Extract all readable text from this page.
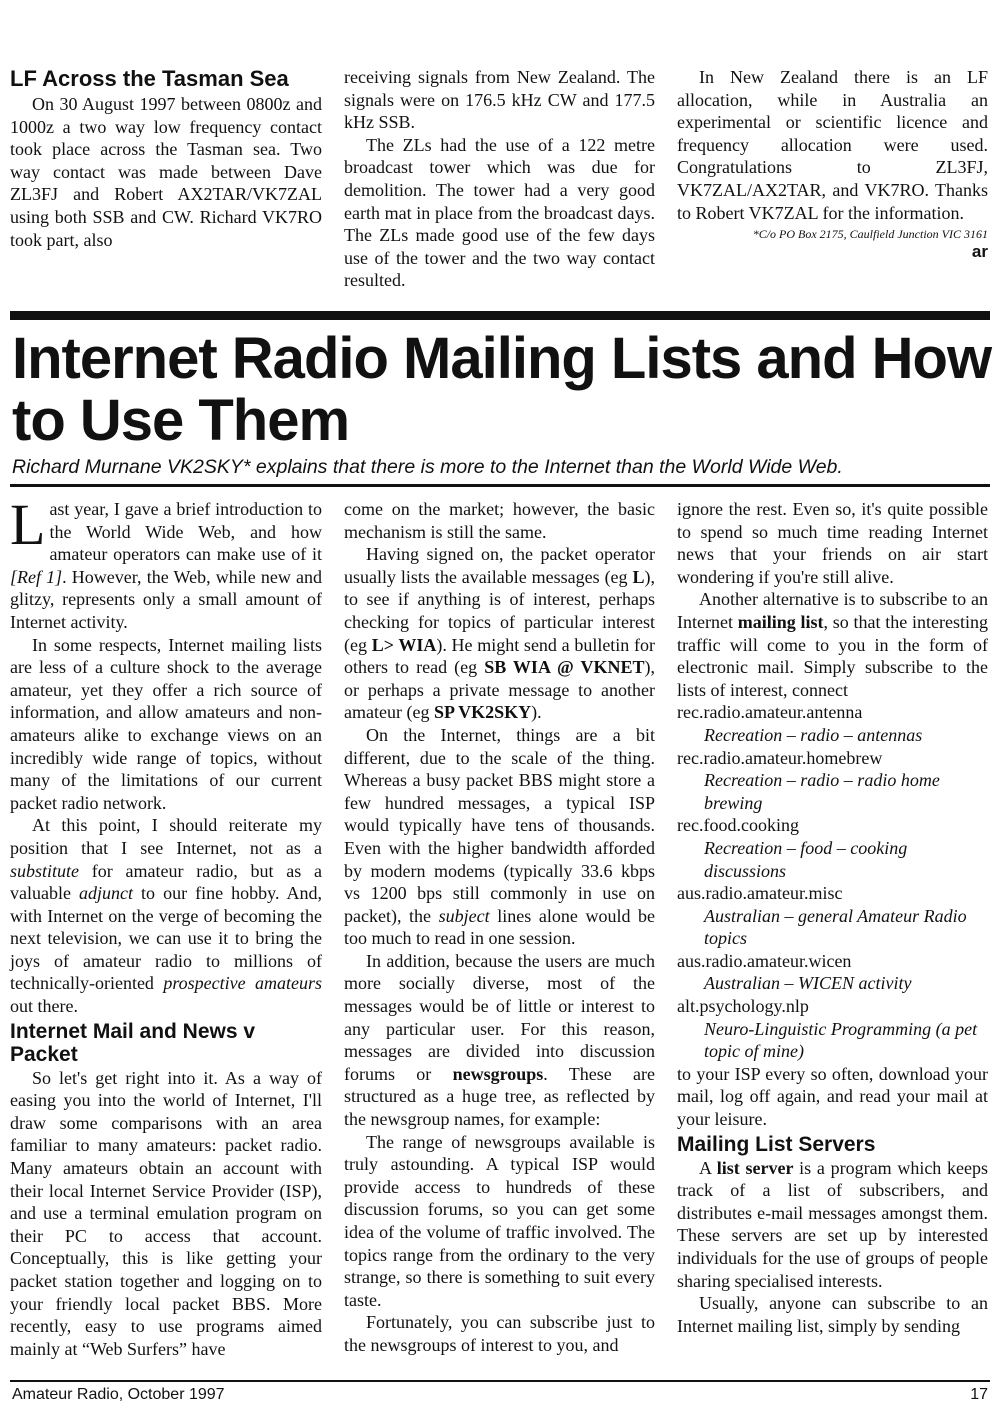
LF Across the Tasman Sea

On 30 August 1997 between 0800z and 1000z a two way low frequency contact took place across the Tasman sea. Two way contact was made between Dave ZL3FJ and Robert AX2TAR/VK7ZAL using both SSB and CW. Richard VK7RO took part, also

receiving signals from New Zealand. The signals were on 176.5 kHz CW and 177.5 kHz SSB.

The ZLs had the use of a 122 metre broadcast tower which was due for demolition. The tower had a very good earth mat in place from the broadcast days. The ZLs made good use of the few days use of the tower and the two way contact resulted.

In New Zealand there is an LF allocation, while in Australia an experimental or scientific licence and frequency allocation were used. Congratulations to ZL3FJ, VK7ZAL/AX2TAR, and VK7RO. Thanks to Robert VK7ZAL for the information.

*C/o PO Box 2175, Caulfield Junction VIC 3161
ar
Internet Radio Mailing Lists and How to Use Them
Richard Murnane VK2SKY* explains that there is more to the Internet than the World Wide Web.

Last year, I gave a brief introduction to the World Wide Web, and how amateur operators can make use of it [Ref 1]. However, the Web, while new and glitzy, represents only a small amount of Internet activity.

In some respects, Internet mailing lists are less of a culture shock to the average amateur, yet they offer a rich source of information, and allow amateurs and non-amateurs alike to exchange views on an incredibly wide range of topics, without many of the limitations of our current packet radio network.

At this point, I should reiterate my position that I see Internet, not as a substitute for amateur radio, but as a valuable adjunct to our fine hobby. And, with Internet on the verge of becoming the next television, we can use it to bring the joys of amateur radio to millions of technically-oriented prospective amateurs out there.

Internet Mail and News v Packet

So let's get right into it. As a way of easing you into the world of Internet, I'll draw some comparisons with an area familiar to many amateurs: packet radio. Many amateurs obtain an account with their local Internet Service Provider (ISP), and use a terminal emulation program on their PC to access that account. Conceptually, this is like getting your packet station together and logging on to your friendly local packet BBS. More recently, easy to use programs aimed mainly at “Web Surfers” have

come on the market; however, the basic mechanism is still the same.

Having signed on, the packet operator usually lists the available messages (eg L), to see if anything is of interest, perhaps checking for topics of particular interest (eg L> WIA). He might send a bulletin for others to read (eg SB WIA @ VKNET), or perhaps a private message to another amateur (eg SP VK2SKY).

On the Internet, things are a bit different, due to the scale of the thing. Whereas a busy packet BBS might store a few hundred messages, a typical ISP would typically have tens of thousands. Even with the higher bandwidth afforded by modern modems (typically 33.6 kbps vs 1200 bps still commonly in use on packet), the subject lines alone would be too much to read in one session.

In addition, because the users are much more socially diverse, most of the messages would be of little or interest to any particular user. For this reason, messages are divided into discussion forums or newsgroups. These are structured as a huge tree, as reflected by the newsgroup names, for example:

The range of newsgroups available is truly astounding. A typical ISP would provide access to hundreds of these discussion forums, so you can get some idea of the volume of traffic involved. The topics range from the ordinary to the very strange, so there is something to suit every taste.

Fortunately, you can subscribe just to the newsgroups of interest to you, and

ignore the rest. Even so, it's quite possible to spend so much time reading Internet news that your friends on air start wondering if you're still alive.

Another alternative is to subscribe to an Internet mailing list, so that the interesting traffic will come to you in the form of electronic mail. Simply subscribe to the lists of interest, connect

rec.radio.amateur.antenna
Recreation – radio – antennas
rec.radio.amateur.homebrew
Recreation – radio – radio home brewing
rec.food.cooking
Recreation – food – cooking discussions
aus.radio.amateur.misc
Australian – general Amateur Radio topics
aus.radio.amateur.wicen
Australian – WICEN activity
alt.psychology.nlp
Neuro-Linguistic Programming (a pet topic of mine)

to your ISP every so often, download your mail, log off again, and read your mail at your leisure.

Mailing List Servers

A list server is a program which keeps track of a list of subscribers, and distributes e-mail messages amongst them. These servers are set up by interested individuals for the use of groups of people sharing specialised interests.

Usually, anyone can subscribe to an Internet mailing list, simply by sending

Amateur Radio, October 1997	17
